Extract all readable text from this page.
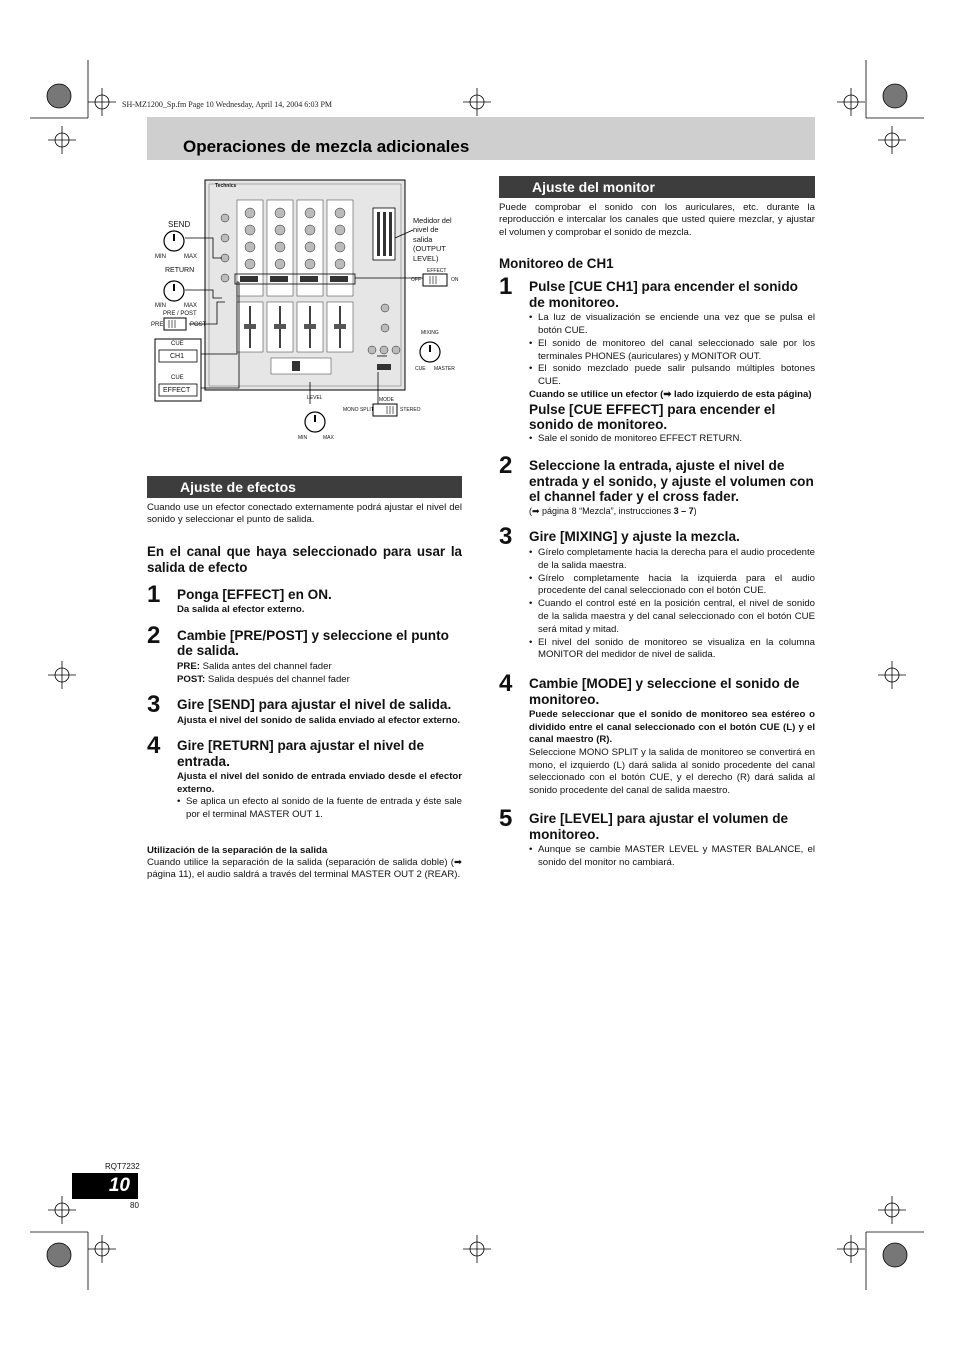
SH-MZ1200_Sp.fm Page 10 Wednesday, April 14, 2004 6:03 PM
Operaciones de mezcla adicionales
SEND
MIN	MAX
RETURN
MIN	MAX
PRE / POST
PRE	POST
CUE
CH1
CUE
EFFECT
Technics
Medidor del nivel de salida (OUTPUT LEVEL)
EFFECT
OFF	ON
MIXING
CUE MASTER
LEVEL
MIN	MAX
MODE
MONO SPLIT	STEREO
Ajuste de efectos

Cuando use un efector conectado externamente podrá ajustar el nivel del sonido y seleccionar el punto de salida.

En el canal que haya seleccionado para usar la salida de efecto

1 Ponga [EFFECT] en ON.
Da salida al efector externo.
2 Cambie [PRE/POST] y seleccione el punto de salida.
PRE: Salida antes del channel fader
POST: Salida después del channel fader
3 Gire [SEND] para ajustar el nivel de salida.
Ajusta el nivel del sonido de salida enviado al efector externo.
4 Gire [RETURN] para ajustar el nivel de entrada.
Ajusta el nivel del sonido de entrada enviado desde el efector externo.
• Se aplica un efecto al sonido de la fuente de entrada y éste sale por el terminal MASTER OUT 1.
Utilización de la separación de la salida

Cuando utilice la separación de la salida (separación de salida doble) (➡ página 11), el audio saldrá a través del terminal MASTER OUT 2 (REAR).

Ajuste del monitor

Puede comprobar el sonido con los auriculares, etc. durante la reproducción e intercalar los canales que usted quiere mezclar, y ajustar el volumen y comprobar el sonido de mezcla.

Monitoreo de CH1

1 Pulse [CUE CH1] para encender el sonido de monitoreo.
• La luz de visualización se enciende una vez que se pulsa el botón CUE.
• El sonido de monitoreo del canal seleccionado sale por los terminales PHONES (auriculares) y MONITOR OUT.
• El sonido mezclado puede salir pulsando múltiples botones CUE.
Cuando se utilice un efector (➡ lado izquierdo de esta página)
Pulse [CUE EFFECT] para encender el sonido de monitoreo.
• Sale el sonido de monitoreo EFFECT RETURN.
2 Seleccione la entrada, ajuste el nivel de entrada y el sonido, y ajuste el volumen con el channel fader y el cross fader.
(➡ página 8 “Mezcla”, instrucciones 3 – 7)
3 Gire [MIXING] y ajuste la mezcla.
• Gírelo completamente hacia la derecha para el audio procedente de la salida maestra.
• Gírelo completamente hacia la izquierda para el audio procedente del canal seleccionado con el botón CUE.
• Cuando el control esté en la posición central, el nivel de sonido de la salida maestra y del canal seleccionado con el botón CUE será mitad y mitad.
• El nivel del sonido de monitoreo se visualiza en la columna MONITOR del medidor de nivel de salida.
4 Cambie [MODE] y seleccione el sonido de monitoreo.
Puede seleccionar que el sonido de monitoreo sea estéreo o dividido entre el canal seleccionado con el botón CUE (L) y el canal maestro (R).
Seleccione MONO SPLIT y la salida de monitoreo se convertirá en mono, el izquierdo (L) dará salida al sonido procedente del canal seleccionado con el botón CUE, y el derecho (R) dará salida al sonido procedente del canal de salida maestro.
5 Gire [LEVEL] para ajustar el volumen de monitoreo.
• Aunque se cambie MASTER LEVEL y MASTER BALANCE, el sonido del monitor no cambiará.
RQT7232
10
80
